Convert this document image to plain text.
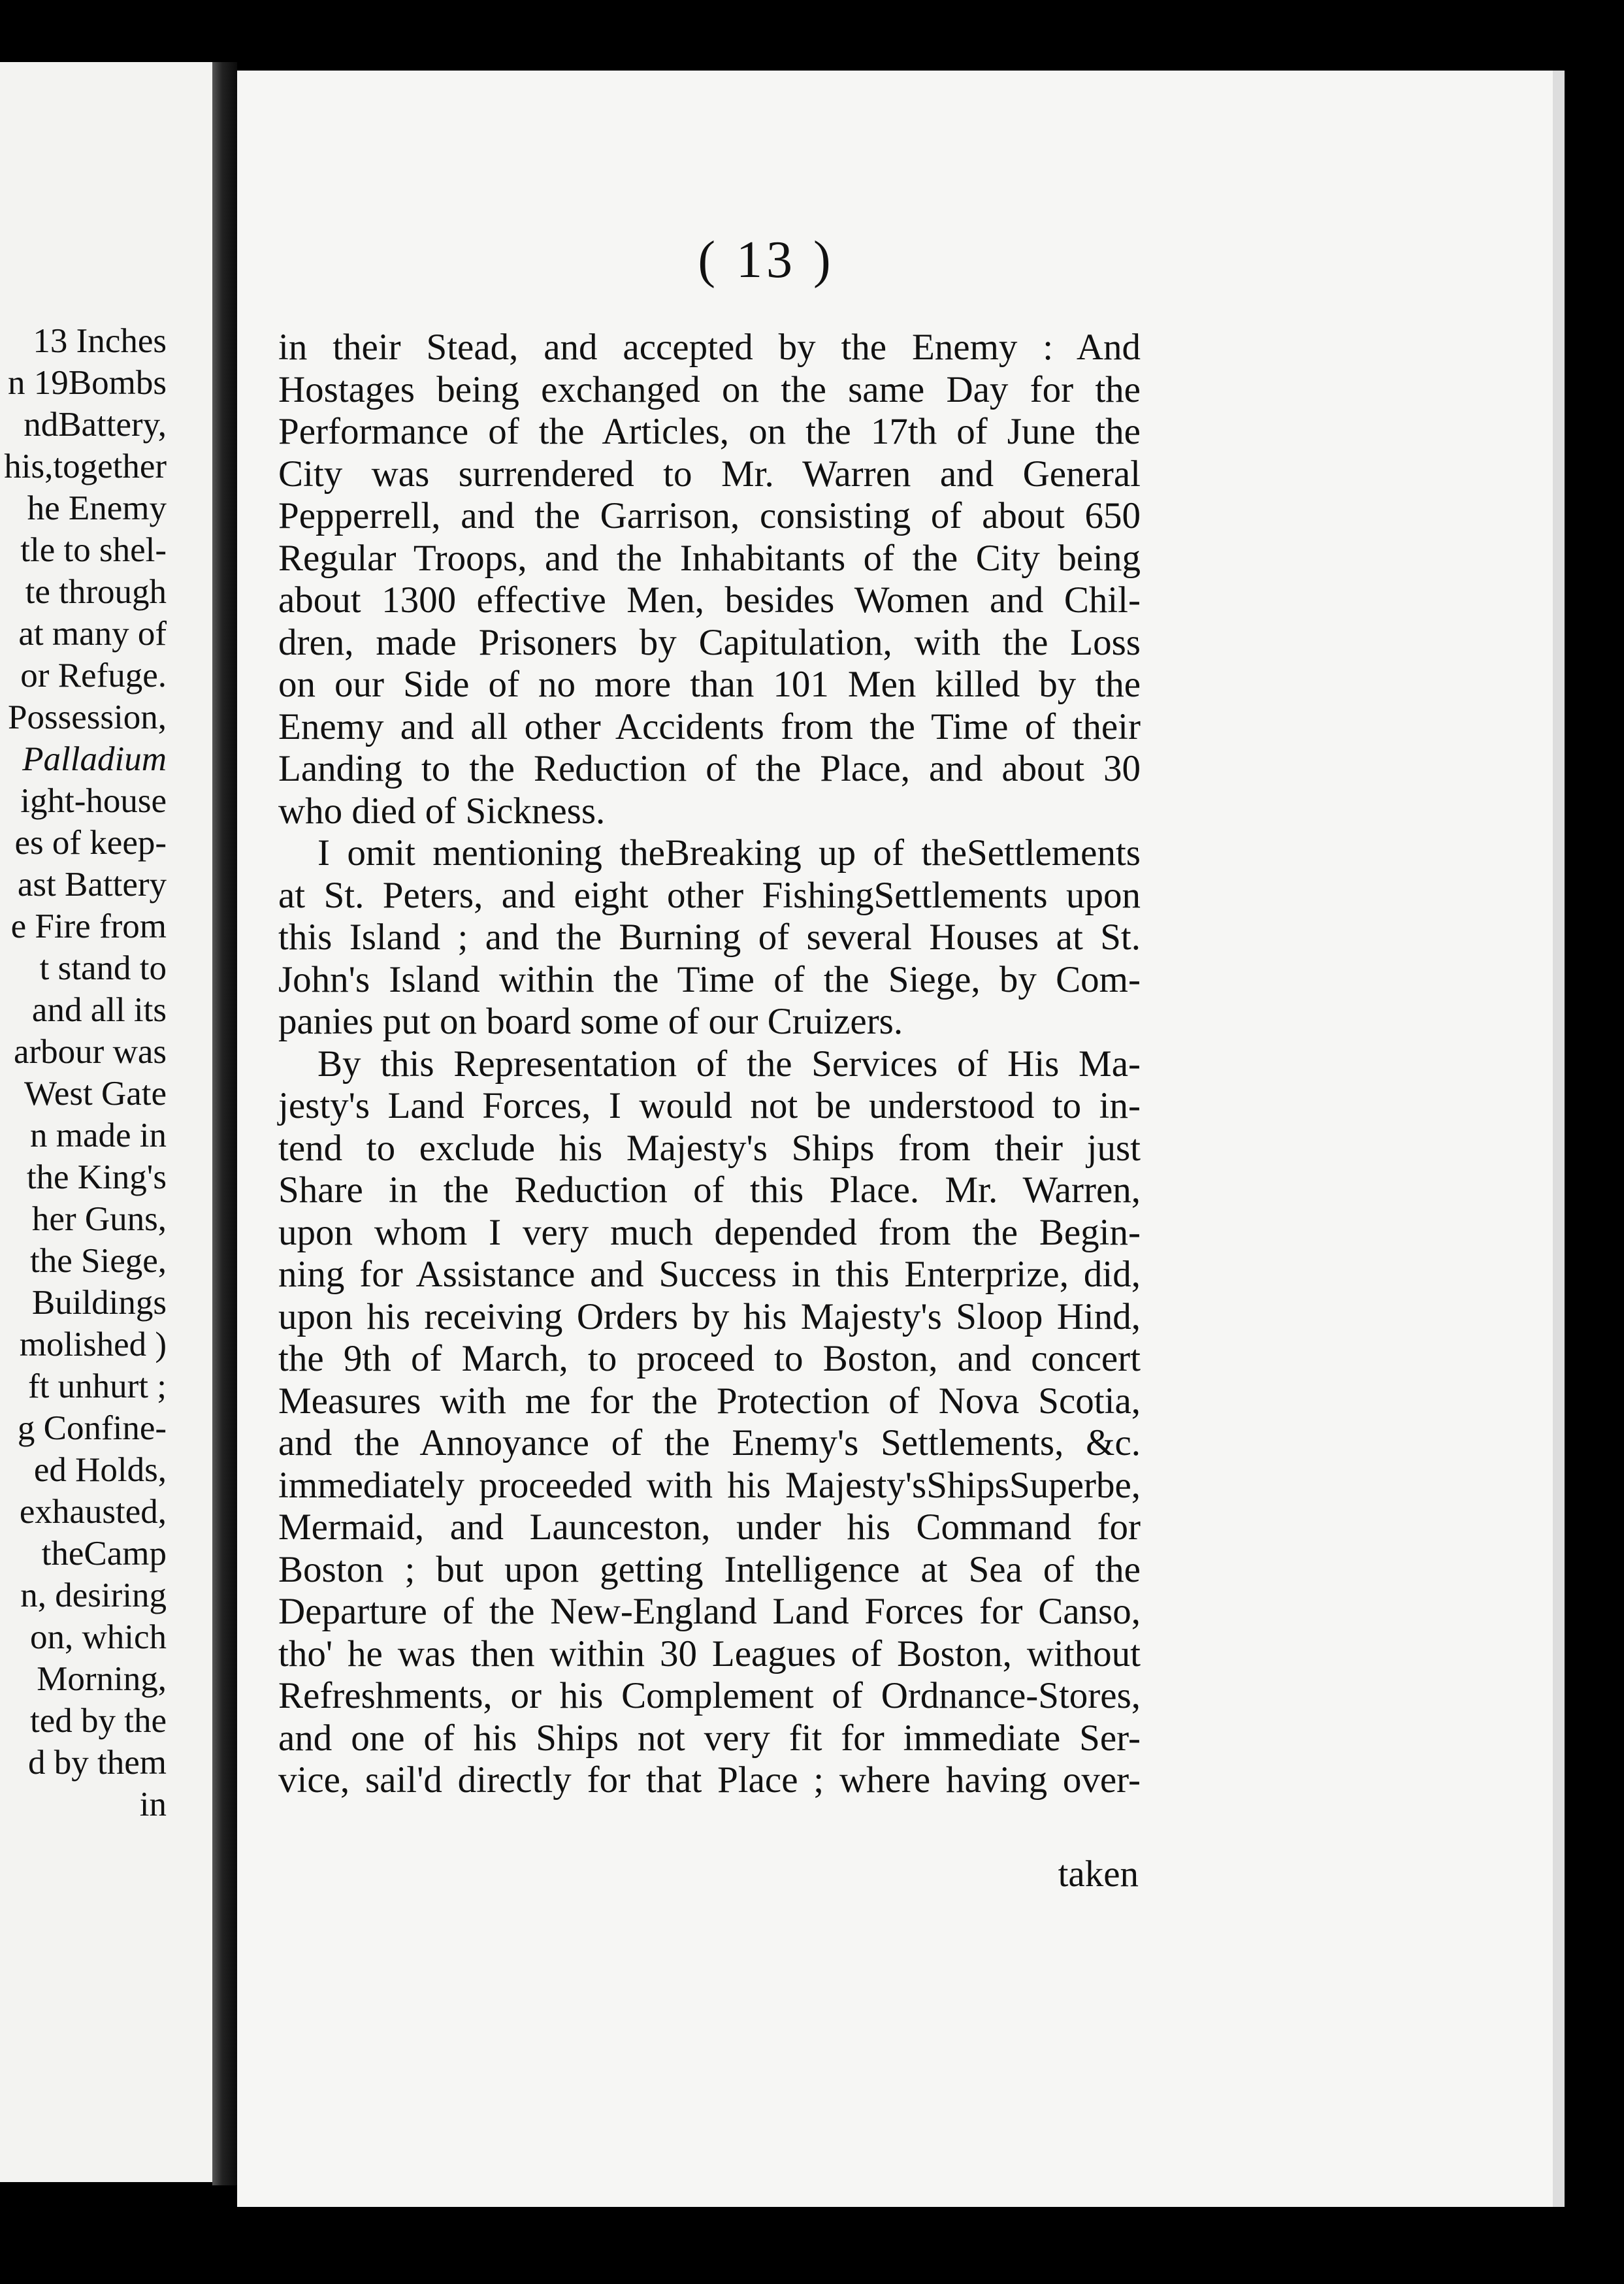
13 Inches
n 19Bombs
ndBattery,
his,together
he Enemy
tle to shel-
te through
at many of
or Refuge.
Possession,
Palladium
ight-house
es of keep-
ast Battery
e Fire from
t stand to
and all its
arbour was
West Gate
n made in
the King's
her Guns,
the Siege,
Buildings
molished )
ft unhurt ;
g Confine-
ed Holds,
exhausted,
theCamp
n, desiring
on, which
Morning,
ted by the
d by them
in
( 13 )
in their Stead, and accepted by the Enemy : And
Hostages being exchanged on the same Day for the
Performance of the Articles, on the 17th of June the
City was surrendered to Mr. Warren and General
Pepperrell, and the Garrison, consisting of about 650
Regular Troops, and the Inhabitants of the City being
about 1300 effective Men, besides Women and Chil-
dren, made Prisoners by Capitulation, with the Loss
on our Side of no more than 101 Men killed by the
Enemy and all other Accidents from the Time of their
Landing to the Reduction of the Place, and about 30
who died of Sickness.
I omit mentioning theBreaking up of theSettlements
at St. Peters, and eight other FishingSettlements upon
this Island ; and the Burning of several Houses at St.
John's Island within the Time of the Siege, by Com-
panies put on board some of our Cruizers.
By this Representation of the Services of His Ma-
jesty's Land Forces, I would not be understood to in-
tend to exclude his Majesty's Ships from their just
Share in the Reduction of this Place. Mr. Warren,
upon whom I very much depended from the Begin-
ning for Assistance and Success in this Enterprize, did,
upon his receiving Orders by his Majesty's Sloop Hind,
the 9th of March, to proceed to Boston, and concert
Measures with me for the Protection of Nova Scotia,
and the Annoyance of the Enemy's Settlements, &c.
immediately proceeded with his Majesty'sShipsSuperbe,
Mermaid, and Launceston, under his Command for
Boston ; but upon getting Intelligence at Sea of the
Departure of the New-England Land Forces for Canso,
tho' he was then within 30 Leagues of Boston, without
Refreshments, or his Complement of Ordnance-Stores,
and one of his Ships not very fit for immediate Ser-
vice, sail'd directly for that Place ; where having over-
taken
